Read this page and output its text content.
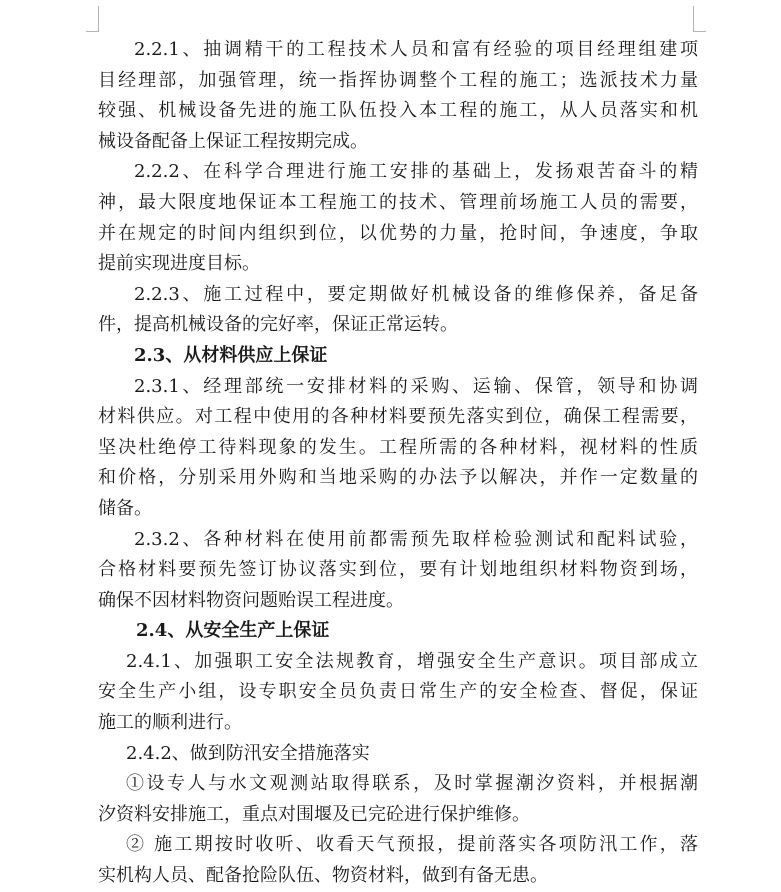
2.2.1、抽调精干的工程技术人员和富有经验的项目经理组建项
目经理部，加强管理，统一指挥协调整个工程的施工；选派技术力量
较强、机械设备先进的施工队伍投入本工程的施工，从人员落实和机
械设备配备上保证工程按期完成。
2.2.2、在科学合理进行施工安排的基础上，发扬艰苦奋斗的精
神，最大限度地保证本工程施工的技术、管理前场施工人员的需要，
并在规定的时间内组织到位，以优势的力量，抢时间，争速度，争取
提前实现进度目标。
2.2.3、施工过程中，要定期做好机械设备的维修保养，备足备
件，提高机械设备的完好率，保证正常运转。
2.3、从材料供应上保证
2.3.1、经理部统一安排材料的采购、运输、保管，领导和协调
材料供应。对工程中使用的各种材料要预先落实到位，确保工程需要，
坚决杜绝停工待料现象的发生。工程所需的各种材料，视材料的性质
和价格，分别采用外购和当地采购的办法予以解决，并作一定数量的
储备。
2.3.2、各种材料在使用前都需预先取样检验测试和配料试验，
合格材料要预先签订协议落实到位，要有计划地组织材料物资到场，
确保不因材料物资问题贻误工程进度。
2.4、从安全生产上保证
2.4.1、加强职工安全法规教育，增强安全生产意识。项目部成立
安全生产小组，设专职安全员负责日常生产的安全检查、督促，保证
施工的顺利进行。
2.4.2、做到防汛安全措施落实
①设专人与水文观测站取得联系，及时掌握潮汐资料，并根据潮
汐资料安排施工，重点对围堰及已完砼进行保护维修。
② 施工期按时收听、收看天气预报，提前落实各项防汛工作，落
实机构人员、配备抢险队伍、物资材料，做到有备无患。
